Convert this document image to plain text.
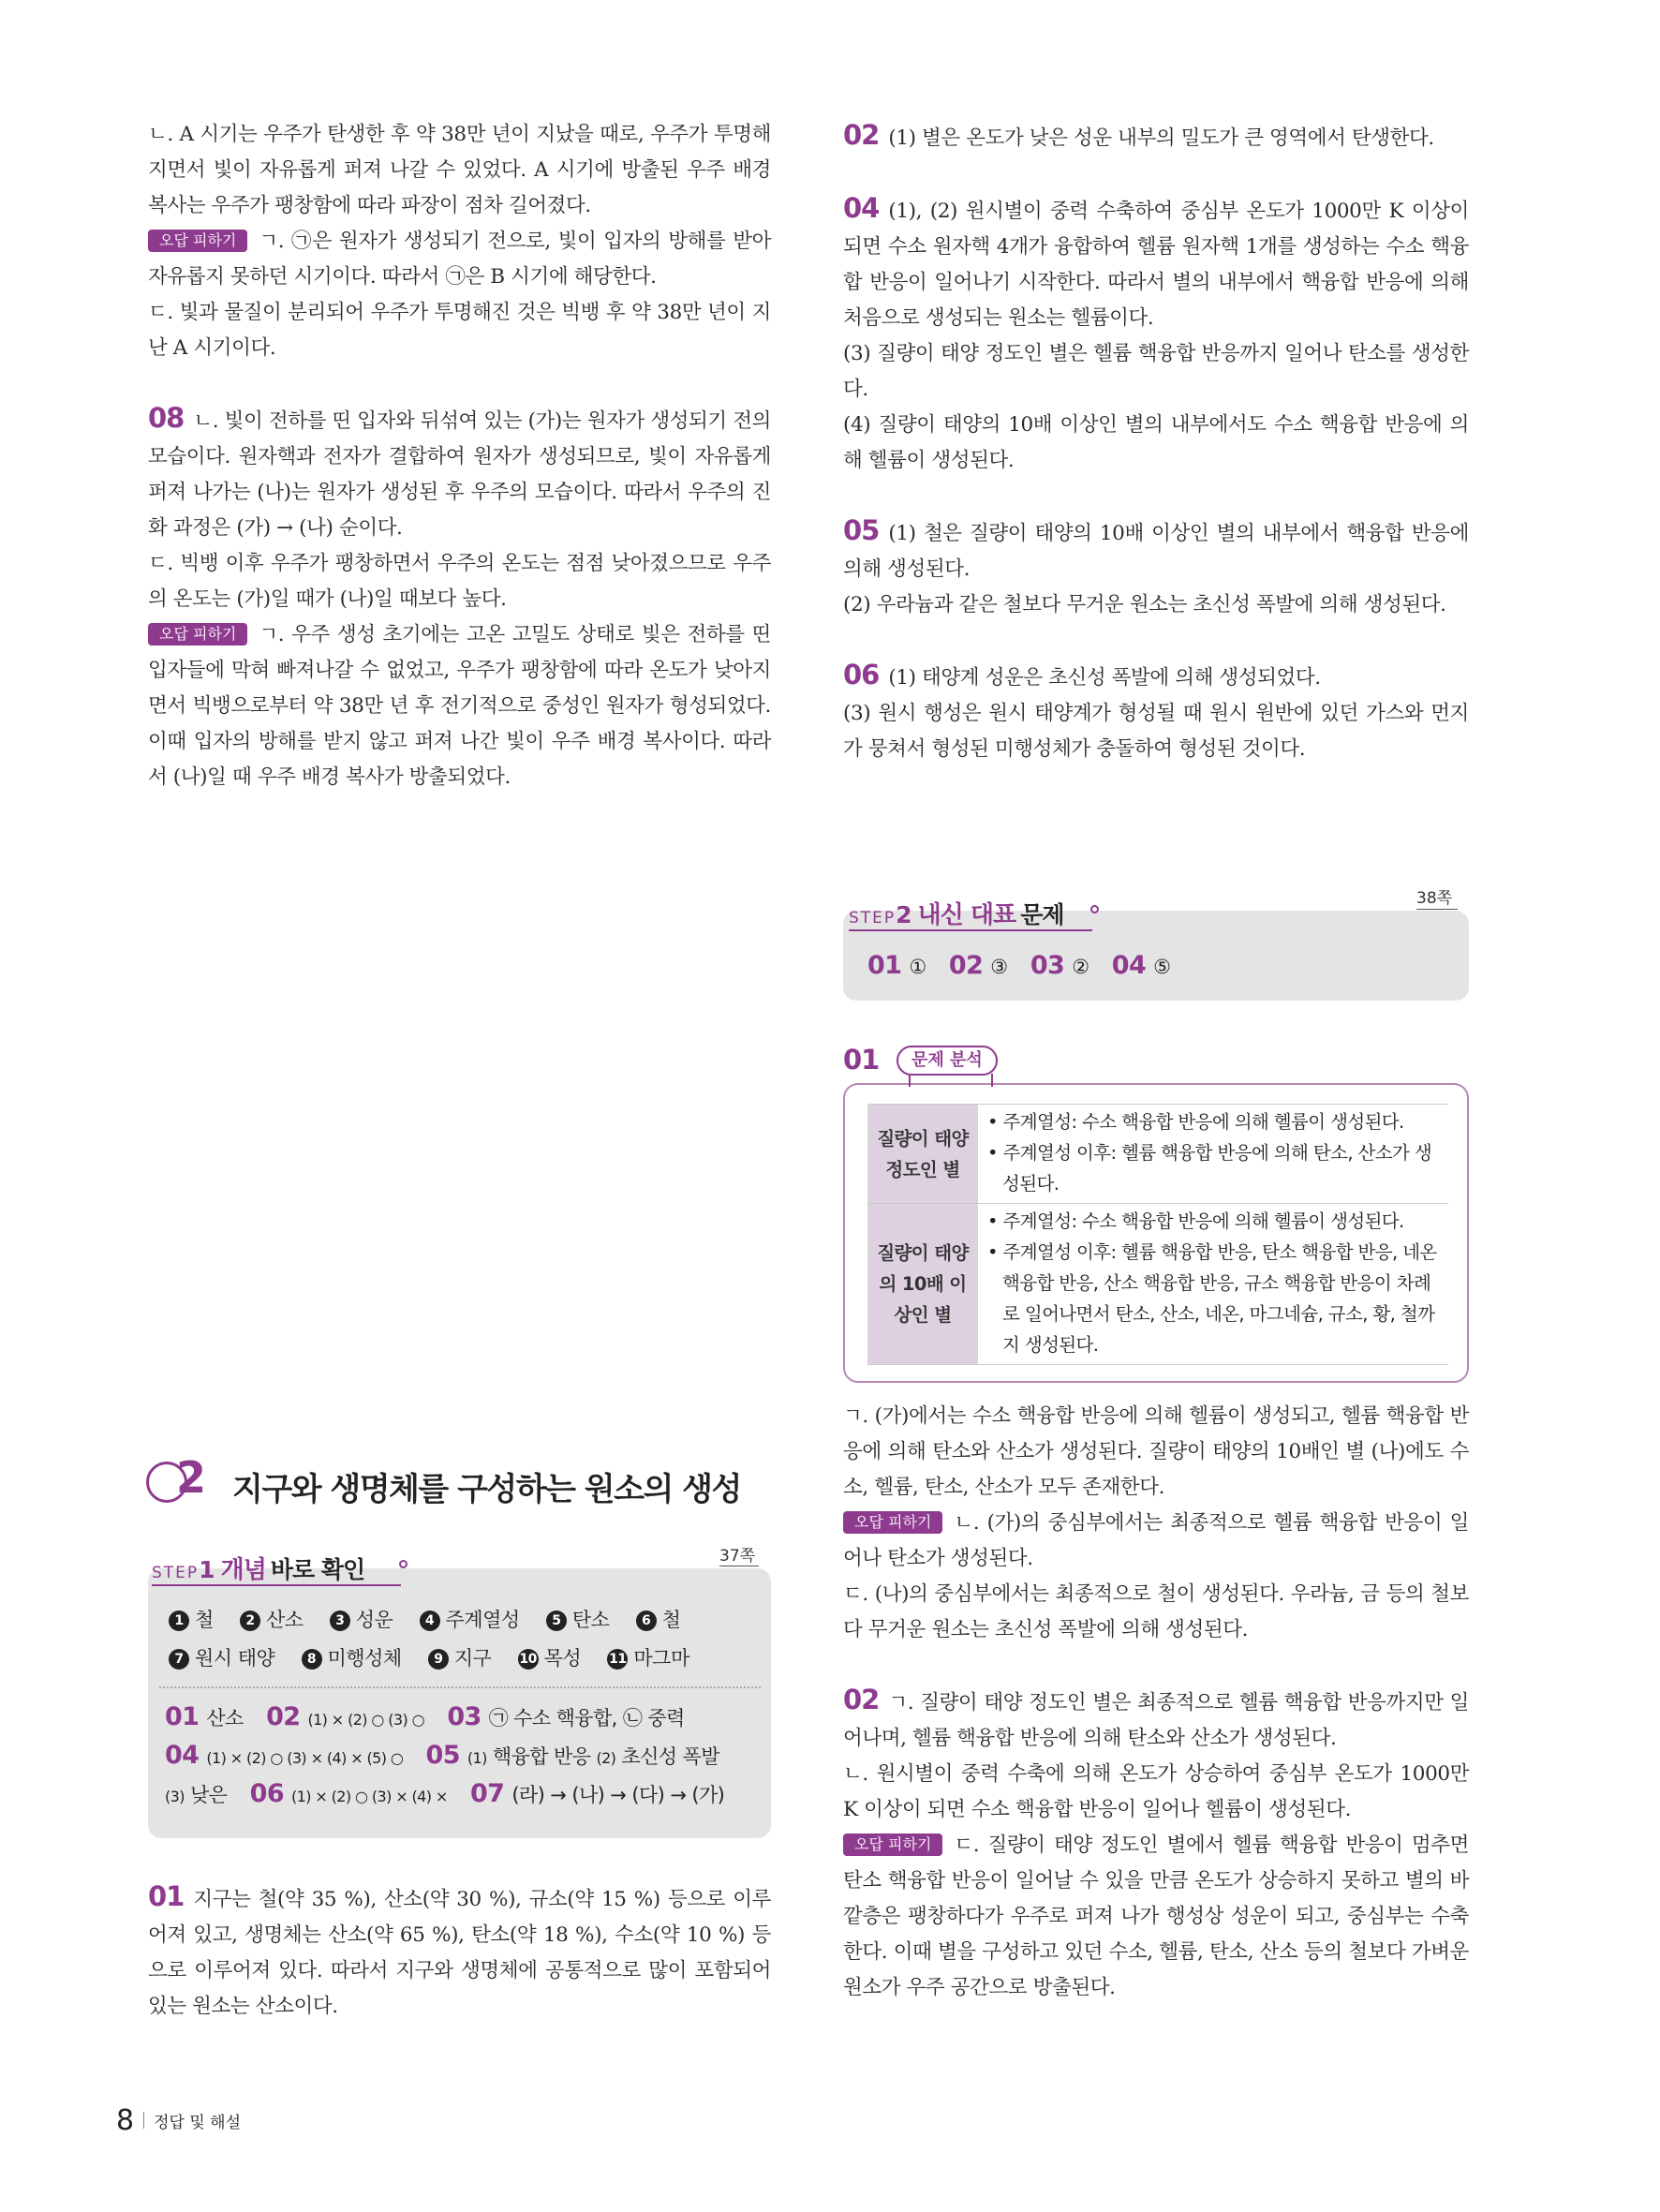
ㄴ. A 시기는 우주가 탄생한 후 약 38만 년이 지났을 때로, 우주가 투명해지면서 빛이 자유롭게 퍼져 나갈 수 있었다. A 시기에 방출된 우주 배경 복사는 우주가 팽창함에 따라 파장이 점차 길어졌다.

오답 피하기 ㄱ. ㉠은 원자가 생성되기 전으로, 빛이 입자의 방해를 받아 자유롭지 못하던 시기이다. 따라서 ㉠은 B 시기에 해당한다.

ㄷ. 빛과 물질이 분리되어 우주가 투명해진 것은 빅뱅 후 약 38만 년이 지난 A 시기이다.

08 ㄴ. 빛이 전하를 띤 입자와 뒤섞여 있는 (가)는 원자가 생성되기 전의 모습이다. 원자핵과 전자가 결합하여 원자가 생성되므로, 빛이 자유롭게 퍼져 나가는 (나)는 원자가 생성된 후 우주의 모습이다. 따라서 우주의 진화 과정은 (가) → (나) 순이다.

ㄷ. 빅뱅 이후 우주가 팽창하면서 우주의 온도는 점점 낮아졌으므로 우주의 온도는 (가)일 때가 (나)일 때보다 높다.

오답 피하기 ㄱ. 우주 생성 초기에는 고온 고밀도 상태로 빛은 전하를 띤 입자들에 막혀 빠져나갈 수 없었고, 우주가 팽창함에 따라 온도가 낮아지면서 빅뱅으로부터 약 38만 년 후 전기적으로 중성인 원자가 형성되었다. 이때 입자의 방해를 받지 않고 퍼져 나간 빛이 우주 배경 복사이다. 따라서 (나)일 때 우주 배경 복사가 방출되었다.

02 (1) 별은 온도가 낮은 성운 내부의 밀도가 큰 영역에서 탄생한다.

04 (1), (2) 원시별이 중력 수축하여 중심부 온도가 1000만 K 이상이 되면 수소 원자핵 4개가 융합하여 헬륨 원자핵 1개를 생성하는 수소 핵융합 반응이 일어나기 시작한다. 따라서 별의 내부에서 핵융합 반응에 의해 처음으로 생성되는 원소는 헬륨이다.

(3) 질량이 태양 정도인 별은 헬륨 핵융합 반응까지 일어나 탄소를 생성한다.

(4) 질량이 태양의 10배 이상인 별의 내부에서도 수소 핵융합 반응에 의해 헬륨이 생성된다.

05 (1) 철은 질량이 태양의 10배 이상인 별의 내부에서 핵융합 반응에 의해 생성된다.

(2) 우라늄과 같은 철보다 무거운 원소는 초신성 폭발에 의해 생성된다.

06 (1) 태양계 성운은 초신성 폭발에 의해 생성되었다.

(3) 원시 행성은 원시 태양계가 형성될 때 원시 원반에 있던 가스와 먼지가 뭉쳐서 형성된 미행성체가 충돌하여 형성된 것이다.

STEP2 내신 대표 문제
38쪽
01 ① 02 ③ 03 ② 04 ⑤
01	문제 분석
질량이 태양 정도인 별	• 주계열성: 수소 핵융합 반응에 의해 헬륨이 생성된다.
• 주계열성 이후: 헬륨 핵융합 반응에 의해 탄소, 산소가 생성된다.

질량이 태양의 10배 이상인 별	• 주계열성: 수소 핵융합 반응에 의해 헬륨이 생성된다.
• 주계열성 이후: 헬륨 핵융합 반응, 탄소 핵융합 반응, 네온 핵융합 반응, 산소 핵융합 반응, 규소 핵융합 반응이 차례로 일어나면서 탄소, 산소, 네온, 마그네슘, 규소, 황, 철까지 생성된다.

ㄱ. (가)에서는 수소 핵융합 반응에 의해 헬륨이 생성되고, 헬륨 핵융합 반응에 의해 탄소와 산소가 생성된다. 질량이 태양의 10배인 별 (나)에도 수소, 헬륨, 탄소, 산소가 모두 존재한다.

오답 피하기 ㄴ. (가)의 중심부에서는 최종적으로 헬륨 핵융합 반응이 일어나 탄소가 생성된다.

ㄷ. (나)의 중심부에서는 최종적으로 철이 생성된다. 우라늄, 금 등의 철보다 무거운 원소는 초신성 폭발에 의해 생성된다.

02 ㄱ. 질량이 태양 정도인 별은 최종적으로 헬륨 핵융합 반응까지만 일어나며, 헬륨 핵융합 반응에 의해 탄소와 산소가 생성된다.

ㄴ. 원시별이 중력 수축에 의해 온도가 상승하여 중심부 온도가 1000만 K 이상이 되면 수소 핵융합 반응이 일어나 헬륨이 생성된다.

오답 피하기 ㄷ. 질량이 태양 정도인 별에서 헬륨 핵융합 반응이 멈추면 탄소 핵융합 반응이 일어날 수 있을 만큼 온도가 상승하지 못하고 별의 바깥층은 팽창하다가 우주로 퍼져 나가 행성상 성운이 되고, 중심부는 수축한다. 이때 별을 구성하고 있던 수소, 헬륨, 탄소, 산소 등의 철보다 가벼운 원소가 우주 공간으로 방출된다.

2 지구와 생명체를 구성하는 원소의 생성
STEP1 개념 바로 확인	37쪽
1 철 2 산소 3 성운 4 주계열성 5 탄소 6 철
7 원시 태양 8 미행성체 9 지구 10 목성 11 마그마
01 산소 02 (1) × (2) ○ (3) ○ 03 ㉠ 수소 핵융합, ㉡ 중력
04 (1) × (2) ○ (3) × (4) × (5) ○ 05 (1) 핵융합 반응 (2) 초신성 폭발
(3) 낮은 06 (1) × (2) ○ (3) × (4) × 07 (라) → (나) → (다) → (가)

01 지구는 철(약 35 %), 산소(약 30 %), 규소(약 15 %) 등으로 이루어져 있고, 생명체는 산소(약 65 %), 탄소(약 18 %), 수소(약 10 %) 등으로 이루어져 있다. 따라서 지구와 생명체에 공통적으로 많이 포함되어 있는 원소는 산소이다.

8 정답 및 해설
